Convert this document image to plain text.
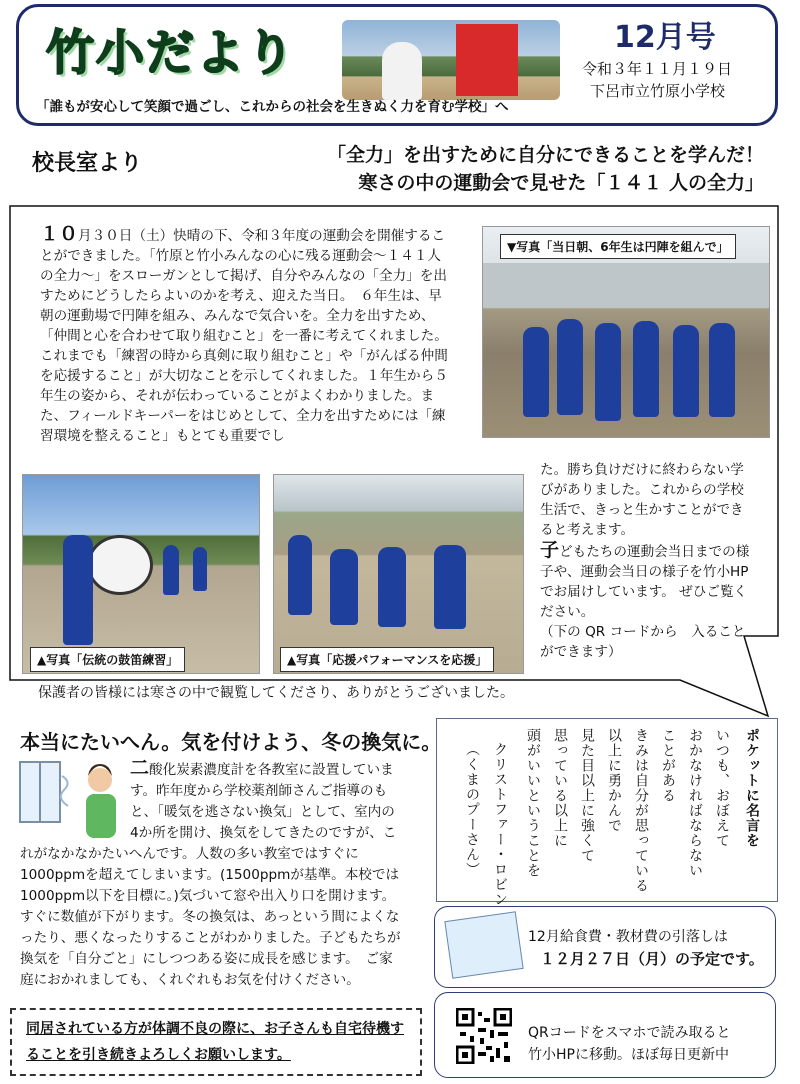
竹小だより	12月号
令和３年１１月１９日
下呂市立竹原小学校
「誰もが安心して笑顔で過ごし、これからの社会を生きぬく力を育む学校」へ
校長室より	「全力」を出すために自分にできることを学んだ！
寒さの中の運動会で見せた「１４１ 人の全力」
１０月３０日（土）快晴の下、令和３年度の運動会を開催することができました。「竹原と竹小みんなの心に残る運動会～１４１人の全力～」をスローガンとして掲げ、自分やみんなの「全力」を出すためにどうしたらよいのかを考え、迎えた当日。　６年生は、早朝の運動場で円陣を組み、みんなで気合いを。全力を出すため、「仲間と心を合わせて取り組むこと」を一番に考えてくれました。これまでも「練習の時から真剣に取り組むこと」や「がんばる仲間を応援すること」が大切なことを示してくれました。１年生から５年生の姿から、それが伝わっていることがよくわかりました。また、フィールドキーパーをはじめとして、全力を出すためには「練習環境を整えること」もとても重要でし
▼写真「当日朝、6年生は円陣を組んで」
▲写真「伝統の鼓笛練習」	▲写真「応援パフォーマンスを応援」
た。勝ち負けだけに終わらない学びがありました。これからの学校生活で、きっと生かすことができると考えます。
子どもたちの運動会当日までの様子や、運動会当日の様子を竹小HPでお届けしています。 ぜひご覧ください。
（下の QR コードから　入ることができます）
保護者の皆様には寒さの中で観覧してくださり、ありがとうございました。
本当にたいへん。気を付けよう、冬の換気に。
二酸化炭素濃度計を各教室に設置しています。昨年度から学校薬剤師さんご指導のもと、「暖気を逃さない換気」として、室内の4か所を開け、換気をしてきたのですが、これがなかなかたいへんです。人数の多い教室ではすぐに1000ppmを超えてしまいます。(1500ppmが基準。本校では1000ppm以下を目標に。)気づいて窓や出入り口を開けます。すぐに数値が下がります。冬の換気は、あっという間によくなったり、悪くなったりすることがわかりました。子どもたちが換気を「自分ごと」にしつつある姿に成長を感じます。　ご家庭におかれましても、くれぐれもお気を付けください。
同居されている方が体調不良の際に、お子さんも自宅待機することを引き続きよろしくお願いします。
ポケットに名言を
いつも、おぼえて
おかなければならない
ことがある
きみは自分が思っている
以上に勇かんで
見た目以上に強くて
思っている以上に
頭がいいということを
クリストファー・ロビン
（くまのプーさん）
12月給食費・教材費の引落しは
１２月２７日（月）の予定です。
QRコードをスマホで読み取ると
竹小HPに移動。ほぼ毎日更新中
